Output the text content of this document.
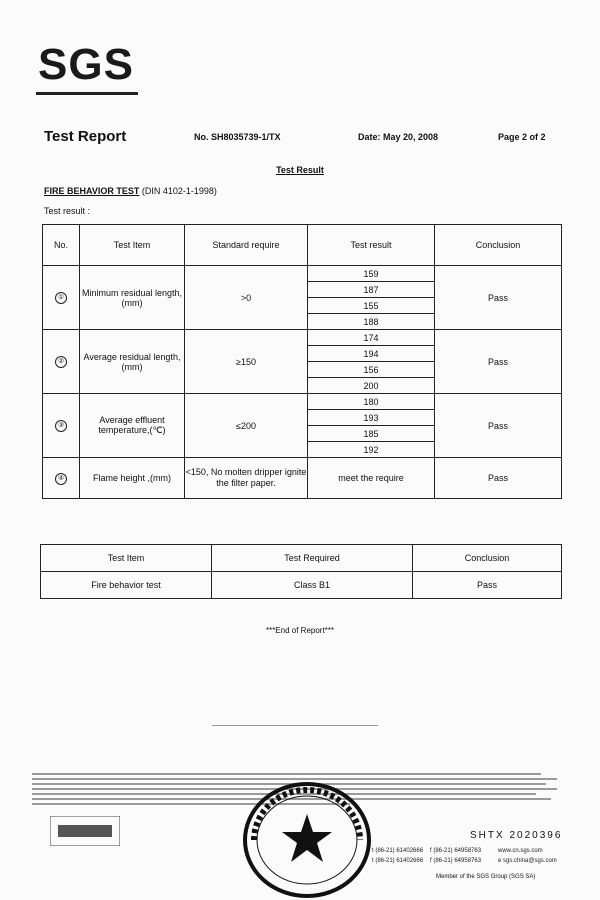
SGS
Test Report	No. SH8035739-1/TX	Date: May 20, 2008	Page 2 of 2
Test Result
FIRE BEHAVIOR TEST (DIN 4102-1-1998)
Test result :
No.	Test Item	Standard require	Test result	Conclusion
①	Minimum residual length,(mm)	>0	159	Pass
			187	
			155	
			188	
②	Average residual length,(mm)	≥150	174	Pass
			194	
			156	
			200	
③	Average effluent temperature,(℃)	≤200	180	Pass
			193	
			185	
			192	
④	Flame height ,(mm)	<150, No molten dripper ignite the filter paper.	meet the require	Pass
Test Item	Test Required	Conclusion
Fire behavior test	Class B1	Pass
***End of Report***
t (86-21) 61402666 f (86-21) 64958763	www.cn.sgs.com
t (86-21) 61402666 f (86-21) 64958763	e sgs.china@sgs.com
SHTX 2020396
Member of the SGS Group (SGS SA)
